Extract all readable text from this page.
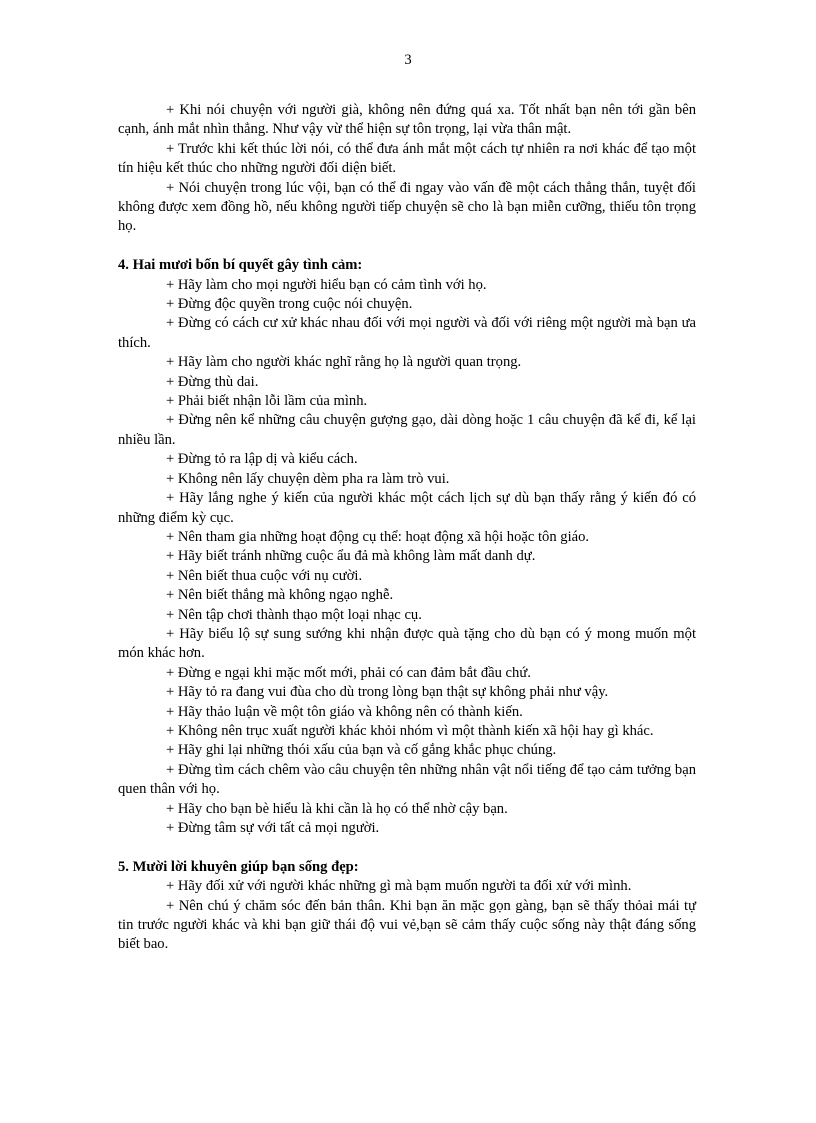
3

+ Khi nói chuyện với người già, không nên đứng quá xa. Tốt nhất bạn nên tới gần bên cạnh, ánh mắt nhìn thẳng. Như vậy vừ thể hiện sự tôn trọng, lại vừa thân mật.

+ Trước khi kết thúc lời nói, có thể đưa ánh mắt một cách tự nhiên ra nơi khác để tạo một tín hiệu kết thúc cho những người đối diện biết.

+ Nói chuyện trong lúc vội, bạn có thể đi ngay vào vấn đề một cách thẳng thắn, tuyệt đối không được xem đồng hồ, nếu không người tiếp chuyện sẽ cho là bạn miễn cưỡng, thiếu tôn trọng họ.

4. Hai mươi bốn bí quyết gây tình cảm:

+ Hãy làm cho mọi người hiểu bạn có cảm tình với họ.

+ Đừng độc quyền trong cuộc nói chuyện.

+ Đừng có cách cư xử khác nhau đối với mọi người và đối với riêng một người mà bạn ưa thích.

+ Hãy làm cho người khác nghĩ rằng họ là người quan trọng.

+ Đừng thù dai.

+ Phải biết nhận lỗi lầm của mình.

+ Đừng nên kể những câu chuyện gượng gạo, dài dòng hoặc 1 câu chuyện đã kể đi, kể lại nhiều lần.

+ Đừng tỏ ra lập dị và kiểu cách.

+ Không nên lấy chuyện dèm pha ra làm trò vui.

+ Hãy lắng nghe ý kiến của người khác một cách lịch sự dù bạn thấy rằng ý kiến đó có những điểm kỳ cục.

+ Nên tham gia những hoạt động cụ thể: hoạt động xã hội hoặc tôn giáo.

+ Hãy biết tránh những cuộc ẩu đả mà không làm mất danh dự.

+ Nên biết thua cuộc với nụ cười.

+ Nên biết thắng mà không ngạo nghễ.

+ Nên tập chơi thành thạo một loại nhạc cụ.

+ Hãy biểu lộ sự sung sướng khi nhận được quà tặng cho dù bạn có ý mong muốn một món khác hơn.

+ Đừng e ngại khi mặc mốt mới, phải có can đảm bắt đầu chứ.

+ Hãy tỏ ra đang vui đùa cho dù trong lòng bạn thật sự không phải như vậy.

+ Hãy thảo luận về một tôn giáo và không nên có thành kiến.

+ Không nên trục xuất người khác khỏi nhóm vì một thành kiến xã hội hay gì khác.

+ Hãy ghi lại những thói xấu của bạn và cố gắng khắc phục chúng.

+ Đừng tìm cách chêm vào câu chuyện tên những nhân vật nổi tiếng để tạo cảm tưởng bạn quen thân với họ.

+ Hãy cho bạn bè hiểu là khi cần là họ có thể nhờ cậy bạn.

+ Đừng tâm sự với tất cả mọi người.

5. Mười lời khuyên giúp bạn sống đẹp:

+ Hãy đối xử với người khác những gì mà bạm muốn người ta đối xử với mình.

+ Nên chú ý chăm sóc đến bản thân. Khi bạn ăn mặc gọn gàng, bạn sẽ thấy thỏai mái tự tin trước người khác và khi bạn giữ thái độ vui vẻ,bạn sẽ cảm thấy cuộc sống này thật đáng sống biết bao.
